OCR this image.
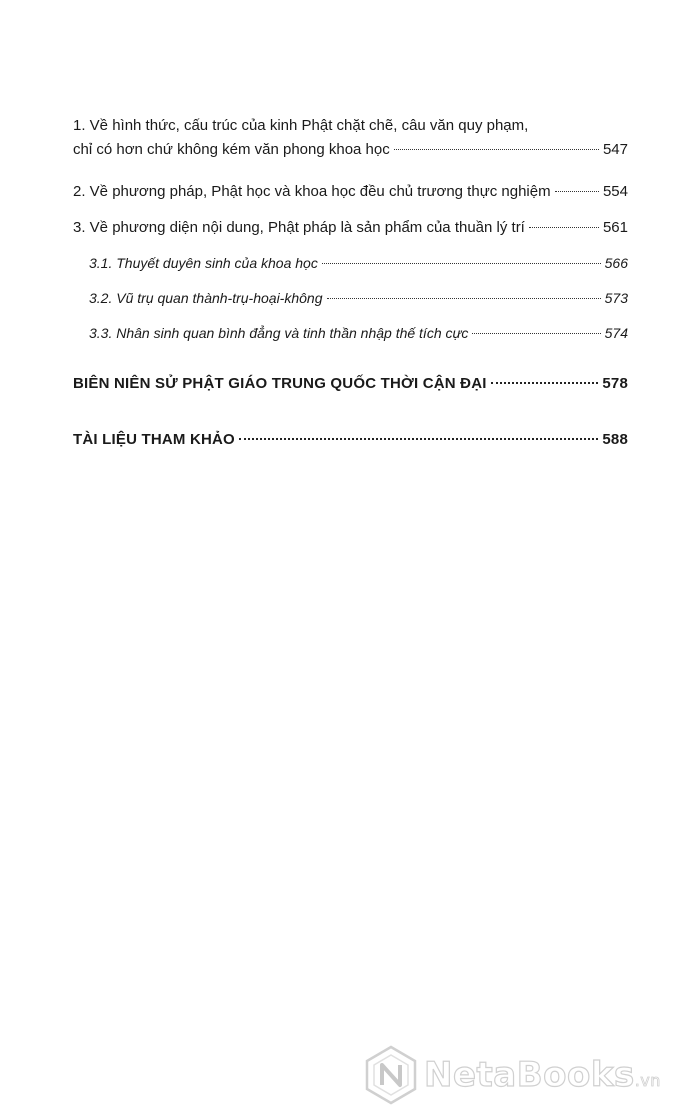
1. Về hình thức, cấu trúc của kinh Phật chặt chẽ, câu văn quy phạm,
chỉ có hơn chứ không kém văn phong khoa học	547
2. Về phương pháp, Phật học và khoa học đều chủ trương thực nghiệm	554
3. Về phương diện nội dung, Phật pháp là sản phẩm của thuần lý trí	561
3.1. Thuyết duyên sinh của khoa học	566
3.2. Vũ trụ quan thành-trụ-hoại-không	573
3.3. Nhân sinh quan bình đẳng và tinh thần nhập thế tích cực	574
BIÊN NIÊN SỬ PHẬT GIÁO TRUNG QUỐC THỜI CẬN ĐẠI	578
TÀI LIỆU THAM KHẢO	588
NetaBooks.vn
